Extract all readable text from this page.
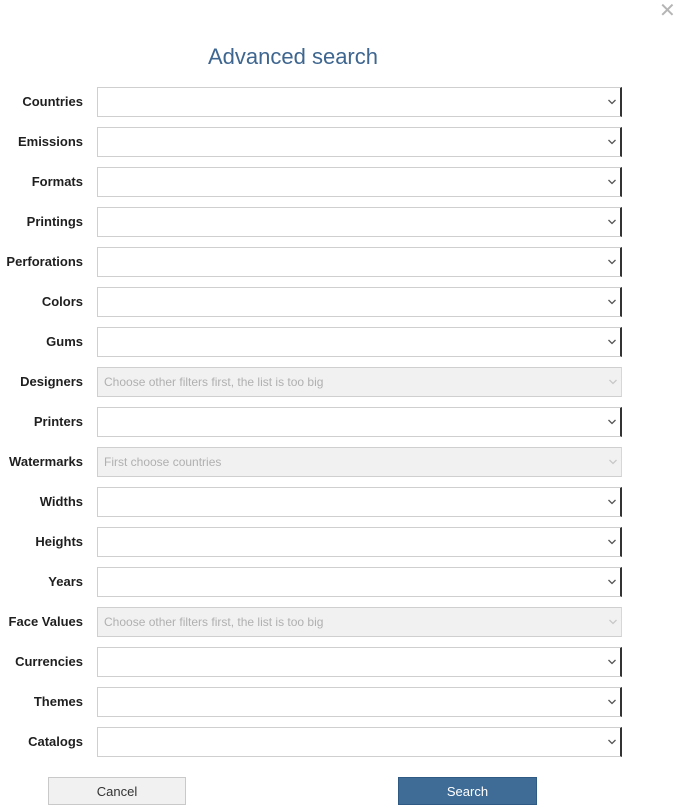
✕
Advanced search
Countries
Emissions
Formats
Printings
Perforations
Colors
Gums
Designers Choose other filters first, the list is too big
Printers
Watermarks First choose countries
Widths
Heights
Years
Face Values Choose other filters first, the list is too big
Currencies
Themes
Catalogs
Cancel	Search
